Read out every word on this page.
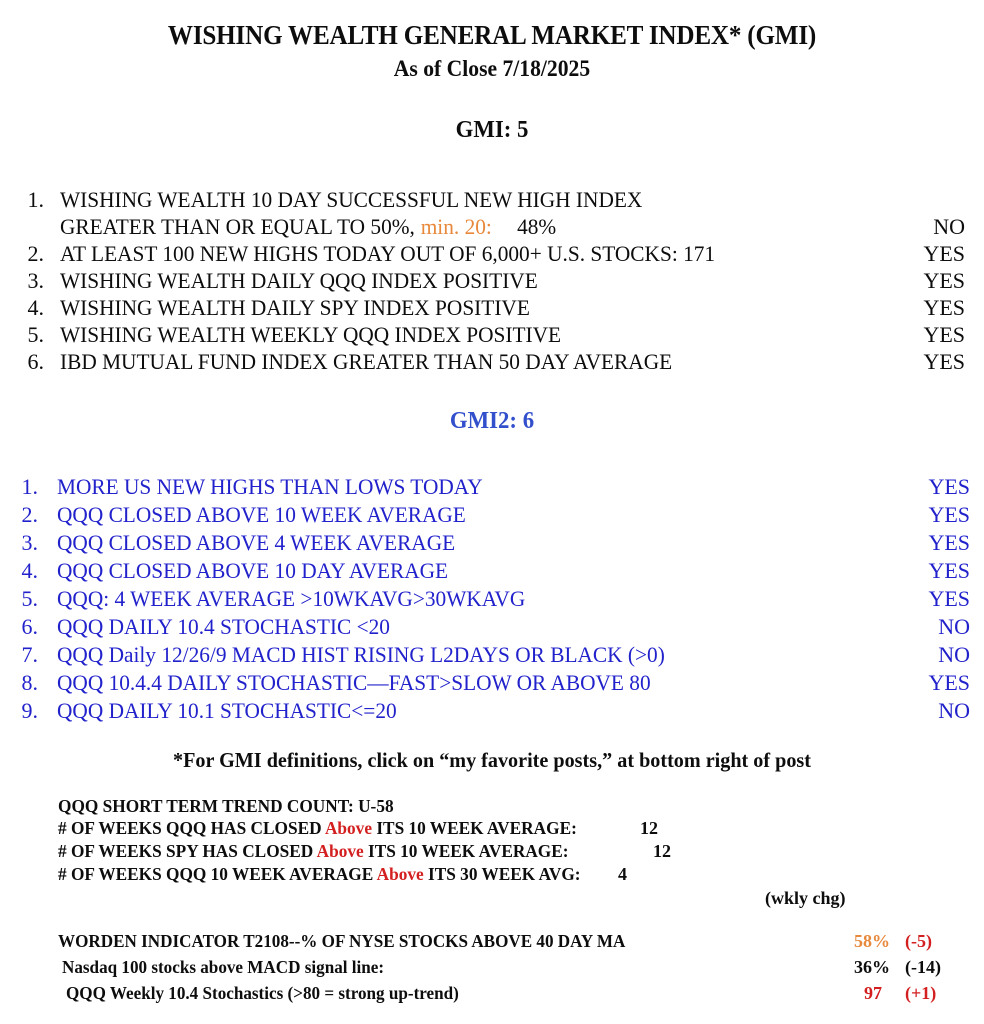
WISHING WEALTH GENERAL MARKET INDEX* (GMI)
As of Close 7/18/2025
GMI: 5
1. WISHING WEALTH 10 DAY SUCCESSFUL NEW HIGH INDEX
GREATER THAN OR EQUAL TO 50%, min. 20: 48%	NO
2. AT LEAST 100 NEW HIGHS TODAY OUT OF 6,000+ U.S. STOCKS: 171	YES
3. WISHING WEALTH DAILY QQQ INDEX POSITIVE	YES
4. WISHING WEALTH DAILY SPY INDEX POSITIVE	YES
5. WISHING WEALTH WEEKLY QQQ INDEX POSITIVE	YES
6. IBD MUTUAL FUND INDEX GREATER THAN 50 DAY AVERAGE	YES
GMI2: 6
1. MORE US NEW HIGHS THAN LOWS TODAY	YES
2. QQQ CLOSED ABOVE 10 WEEK AVERAGE	YES
3. QQQ CLOSED ABOVE 4 WEEK AVERAGE	YES
4. QQQ CLOSED ABOVE 10 DAY AVERAGE	YES
5. QQQ: 4 WEEK AVERAGE >10WKAVG>30WKAVG	YES
6. QQQ DAILY 10.4 STOCHASTIC <20	NO
7. QQQ Daily 12/26/9 MACD HIST RISING L2DAYS OR BLACK (>0)	NO
8. QQQ 10.4.4 DAILY STOCHASTIC—FAST>SLOW OR ABOVE 80	YES
9. QQQ DAILY 10.1 STOCHASTIC<=20	NO
*For GMI definitions, click on “my favorite posts,” at bottom right of post
QQQ SHORT TERM TREND COUNT: U-58
# OF WEEKS QQQ HAS CLOSED Above ITS 10 WEEK AVERAGE:	12
# OF WEEKS SPY HAS CLOSED Above ITS 10 WEEK AVERAGE:	12
# OF WEEKS QQQ 10 WEEK AVERAGE Above ITS 30 WEEK AVG: 4
(wkly chg)
WORDEN INDICATOR T2108--% OF NYSE STOCKS ABOVE 40 DAY MA	58% (-5)
Nasdaq 100 stocks above MACD signal line:	36% (-14)
QQQ Weekly 10.4 Stochastics (>80 = strong up-trend)	97 (+1)
